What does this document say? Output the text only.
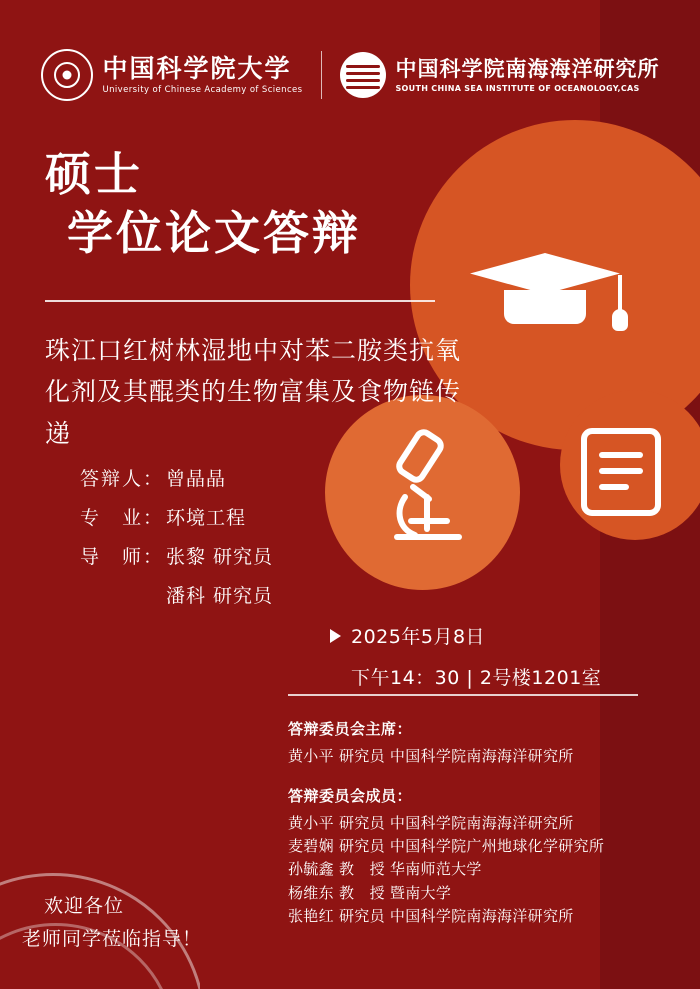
中国科学院大学
University of Chinese Academy of Sciences
中国科学院南海海洋研究所
SOUTH CHINA SEA INSTITUTE OF OCEANOLOGY,CAS
硕士
学位论文答辩
珠江口红树林湿地中对苯二胺类抗氧化剂及其醌类的生物富集及食物链传递
答辩人： 曾晶晶
专　业： 环境工程
导　师： 张黎 研究员
潘科 研究员
2025年5月8日
下午14：30 | 2号楼1201室
答辩委员会主席：
黄小平 研究员 中国科学院南海海洋研究所
答辩委员会成员：
黄小平 研究员 中国科学院南海海洋研究所
麦碧娴 研究员 中国科学院广州地球化学研究所
孙毓鑫 教　授 华南师范大学
杨维东 教　授 暨南大学
张艳红 研究员 中国科学院南海海洋研究所
欢迎各位
老师同学莅临指导！
